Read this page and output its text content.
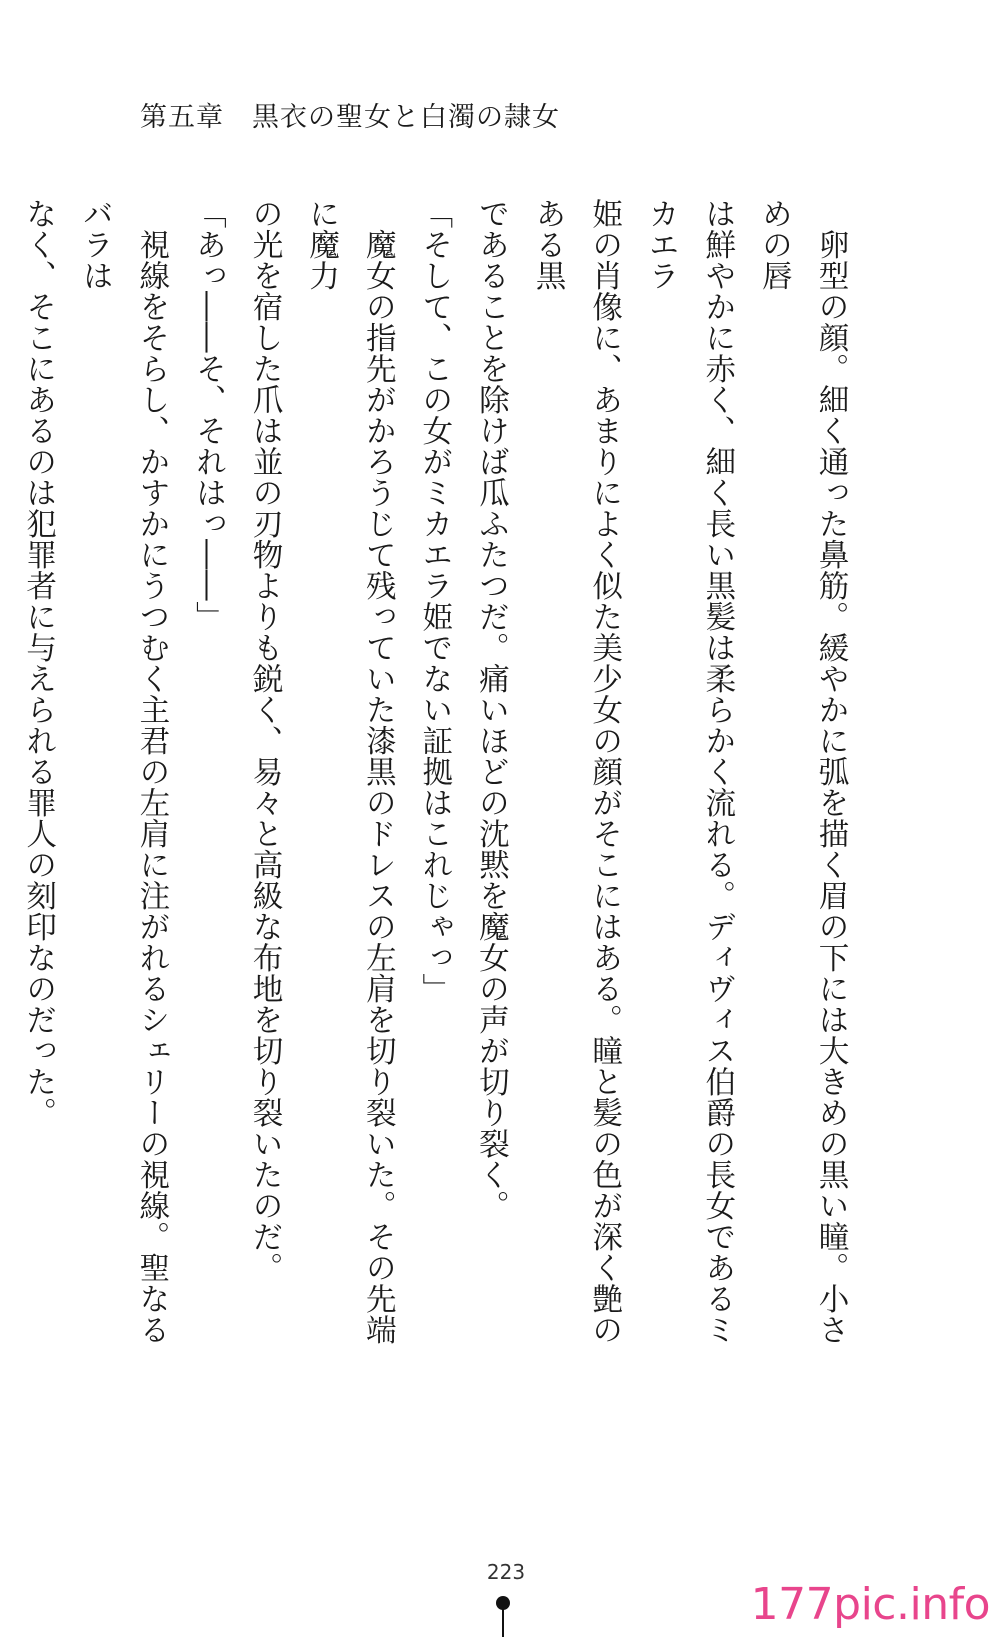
第五章　黒衣の聖女と白濁の隷女

　卵型の顔。細く通った鼻筋。緩やかに弧を描く眉の下には大きめの黒い瞳。小さめの唇

は鮮やかに赤く、細く長い黒髪は柔らかく流れる。ディヴィス伯爵の長女であるミカエラ

姫の肖像に、あまりによく似た美少女の顔がそこにはある。瞳と髪の色が深く艶のある黒

であることを除けば瓜ふたつだ。痛いほどの沈黙を魔女の声が切り裂く。

「そして、この女がミカエラ姫でない証拠はこれじゃっ」

　魔女の指先がかろうじて残っていた漆黒のドレスの左肩を切り裂いた。その先端に魔力

の光を宿した爪は並の刃物よりも鋭く、易々と高級な布地を切り裂いたのだ。

「あっ――そ、それはっ――」

　視線をそらし、かすかにうつむく主君の左肩に注がれるシェリーの視線。聖なるバラは

なく、そこにあるのは犯罪者に与えられる罪人の刻印なのだった。

223
177pic.info
